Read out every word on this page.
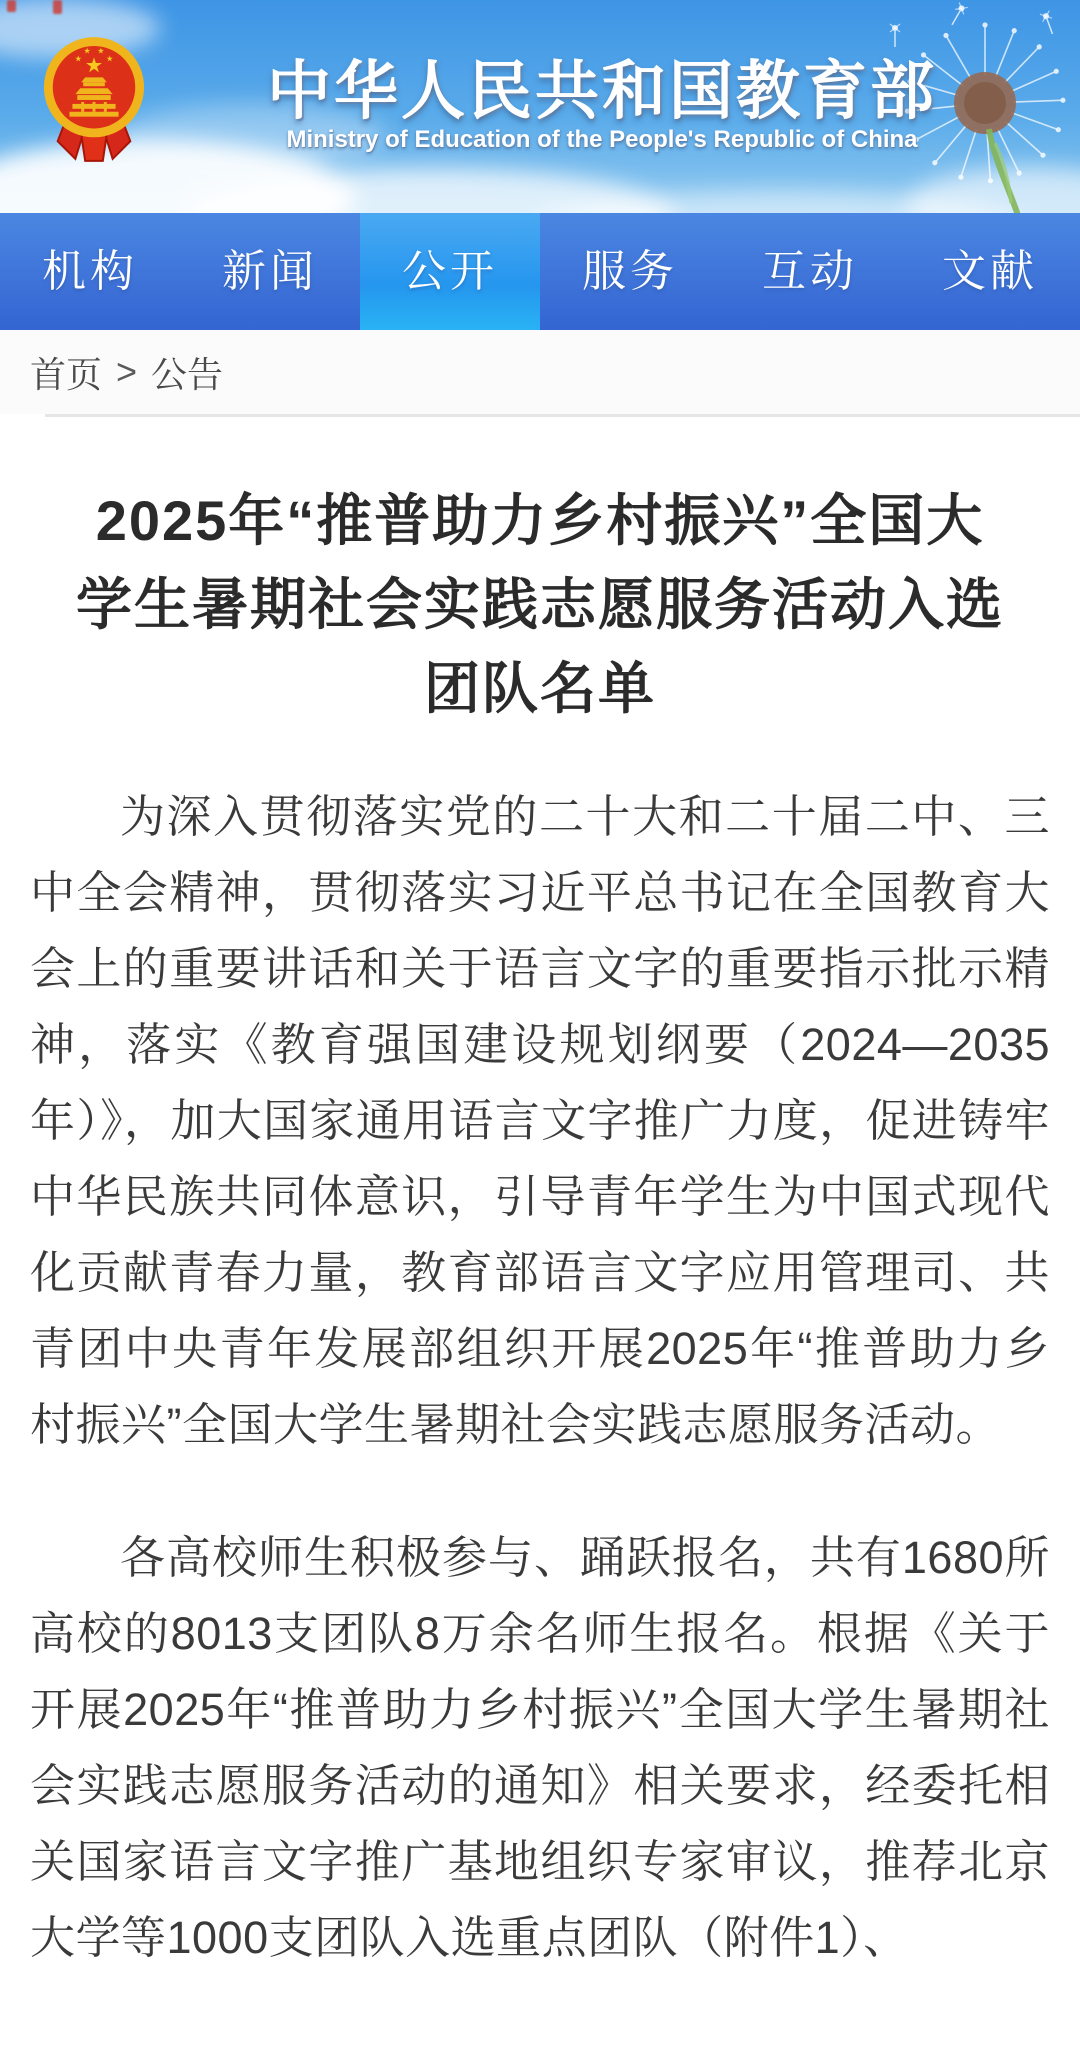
中华人民共和国教育部
Ministry of Education of the People's Republic of China
机构	新闻	公开	服务	互动	文献
首页 > 公告
2025年“推普助力乡村振兴”全国大
学生暑期社会实践志愿服务活动入选
团队名单

为深入贯彻落实党的二十大和二十届二中、三中全会精神，贯彻落实习近平总书记在全国教育大会上的重要讲话和关于语言文字的重要指示批示精神，落实《教育强国建设规划纲要（2024—2035年）》，加大国家通用语言文字推广力度，促进铸牢中华民族共同体意识，引导青年学生为中国式现代化贡献青春力量，教育部语言文字应用管理司、共青团中央青年发展部组织开展2025年“推普助力乡村振兴”全国大学生暑期社会实践志愿服务活动。

各高校师生积极参与、踊跃报名，共有1680所高校的8013支团队8万余名师生报名。根据《关于开展2025年“推普助力乡村振兴”全国大学生暑期社会实践志愿服务活动的通知》相关要求，经委托相关国家语言文字推广基地组织专家审议，推荐北京大学等1000支团队入选重点团队（附件1）、
